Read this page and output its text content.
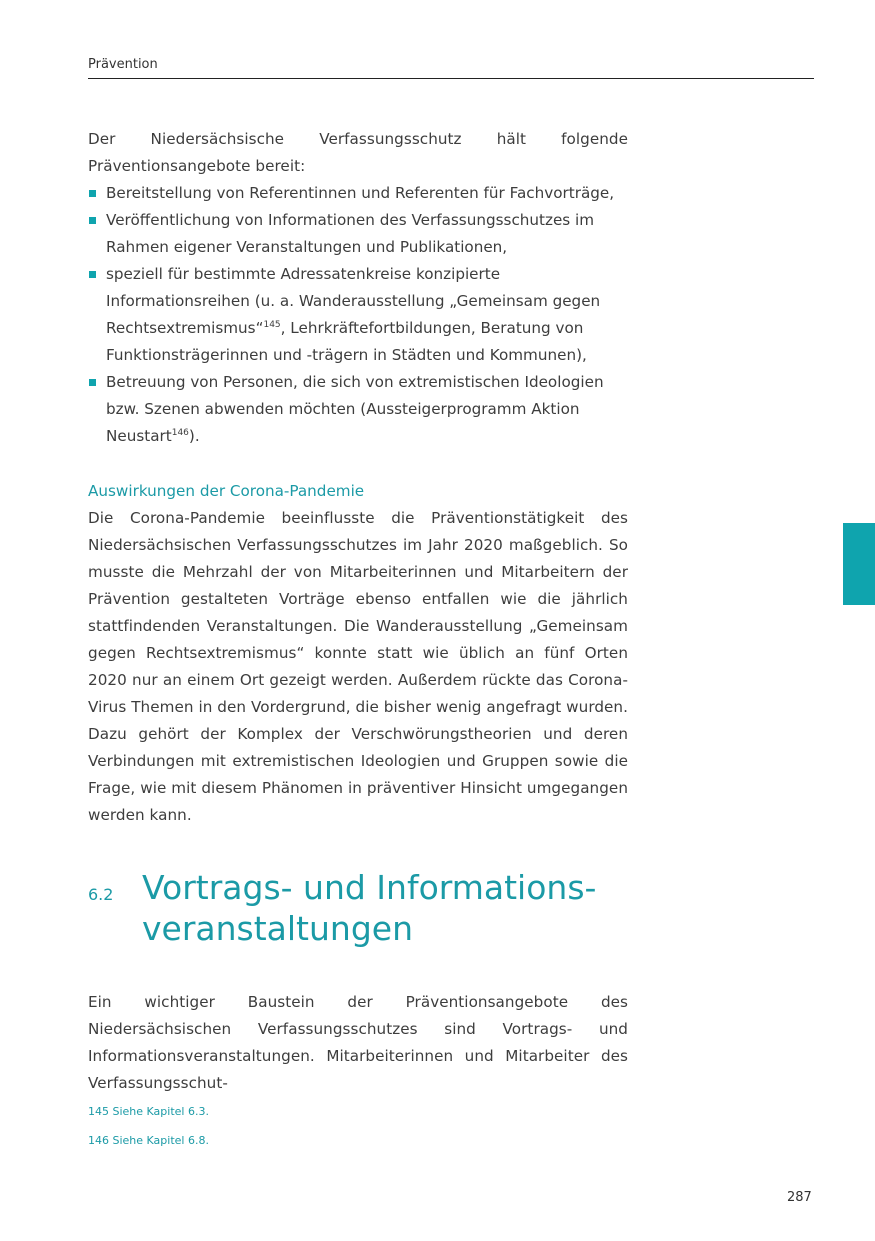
Prävention

Der Niedersächsische Verfassungsschutz hält folgende Präventionsangebote bereit:

Bereitstellung von Referentinnen und Referenten für Fachvorträge,
Veröffentlichung von Informationen des Verfassungsschutzes im Rahmen eigener Veranstaltungen und Publikationen,
speziell für bestimmte Adressatenkreise konzipierte Informationsreihen (u. a. Wanderausstellung „Gemeinsam gegen Rechtsextremismus“$^{145}$, Lehrkräftefortbildungen, Beratung von Funktionsträgerinnen und -trägern in Städten und Kommunen),
Betreuung von Personen, die sich von extremistischen Ideologien bzw. Szenen abwenden möchten (Aussteigerprogramm Aktion Neustart$^{146}$).
Auswirkungen der Corona-Pandemie

Die Corona-Pandemie beeinflusste die Präventionstätigkeit des Niedersächsischen Verfassungsschutzes im Jahr 2020 maßgeblich. So musste die Mehrzahl der von Mitarbeiterinnen und Mitarbeitern der Prävention gestalteten Vorträge ebenso entfallen wie die jährlich stattfindenden Veranstaltungen. Die Wanderausstellung „Gemeinsam gegen Rechtsextremismus“ konnte statt wie üblich an fünf Orten 2020 nur an einem Ort gezeigt werden. Außerdem rückte das Corona-Virus Themen in den Vordergrund, die bisher wenig angefragt wurden. Dazu gehört der Komplex der Verschwörungstheorien und deren Verbindungen mit extremistischen Ideologien und Gruppen sowie die Frage, wie mit diesem Phänomen in präventiver Hinsicht umgegangen werden kann.

6.2 Vortrags- und Informations-
veranstaltungen

Ein wichtiger Baustein der Präventionsangebote des Niedersächsischen Verfassungsschutzes sind Vortrags- und Informationsveranstaltungen. Mitarbeiterinnen und Mitarbeiter des Verfassungsschut-

145 Siehe Kapitel 6.3.
146 Siehe Kapitel 6.8.
287
